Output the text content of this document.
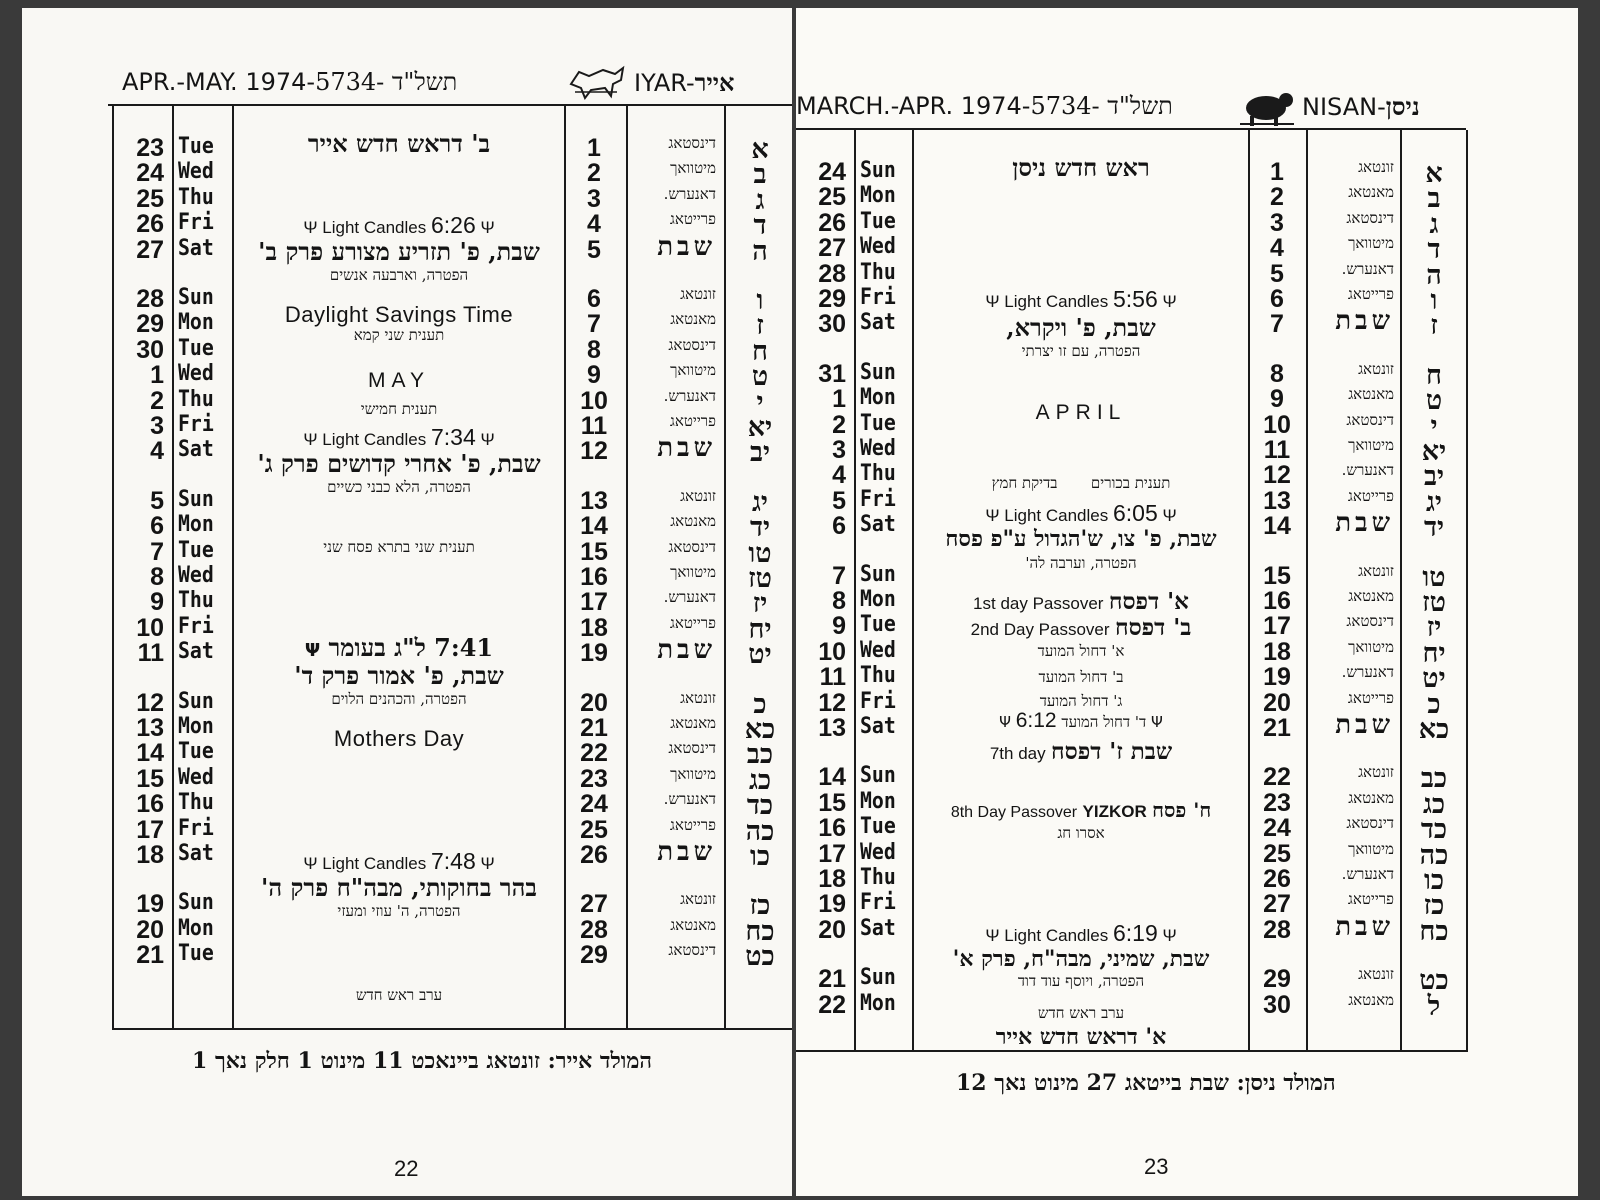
APR.-MAY. 1974-תשל"ד -5734	IYAR-אייר
23 Tue	1	דינסטאג	א
24 Wed	2	מיטוואך	ב
25 Thu	3	דאנערש.	ג
26 Fri	4	פרייטאג	ד
27 Sat	5	שבת	ה
28 Sun	6	זונטאג	ו
29 Mon	7	מאנטאג	ז
30 Tue	8	דינסטאג	ח
1 Wed	9	מיטוואך	ט
2 Thu	10	דאנערש.	י
3 Fri	11	פרייטאג	יא
4 Sat	12	שבת	יב
5 Sun	13	זונטאג	יג
6 Mon	14	מאנטאג	יד
7 Tue	15	דינסטאג	טו
8 Wed	16	מיטוואך	טז
9 Thu	17	דאנערש.	יז
10 Fri	18	פרייטאג	יח
11 Sat	19	שבת	יט
12 Sun	20	זונטאג	כ
13 Mon	21	מאנטאג	כא
14 Tue	22	דינסטאג	כב
15 Wed	23	מיטוואך	כג
16 Thu	24	דאנערש.	כד
17 Fri	25	פרייטאג	כה
18 Sat	26	שבת	כו
19 Sun	27	זונטאג	כז
20 Mon	28	מאנטאג	כח
21 Tue	29	דינסטאג	כט
ב' דראש חדש אייר
Ψ Light Candles 6:26 Ψ
שבת, פ' תזריע מצורע פרק ב'
הפטרה, וארבעה אנשים
Daylight Savings Time
תענית שני קמא
MAY
תענית חמישי
Ψ Light Candles 7:34 Ψ
שבת, פ' אחרי קדושים פרק ג'
הפטרה, הלא כבני כשיים
תענית שני בתרא פסח שני
7:41 ל"ג בעומר Ψ
שבת, פ' אמור פרק ד'
הפטרה, והכהנים הלוים
Mothers Day
Ψ Light Candles 7:48 Ψ
בהר בחוקותי, מבה"ח פרק ה'
הפטרה, ה' עוזי ומעזי
ערב ראש חדש
המולד אייר: זונטאג ביינאכט 11 מינוט 1 חלק נאך 1
22
MARCH.-APR. 1974-תשל"ד -5734	NISAN-ניסן
24 Sun	1	זונטאג	א
25 Mon	2	מאנטאג	ב
26 Tue	3	דינסטאג	ג
27 Wed	4	מיטוואך	ד
28 Thu	5	דאנערש.	ה
29 Fri	6	פרייטאג	ו
30 Sat	7	שבת	ז
31 Sun	8	זונטאג	ח
1 Mon	9	מאנטאג	ט
2 Tue	10	דינסטאג	י
3 Wed	11	מיטוואך	יא
4 Thu	12	דאנערש.	יב
5 Fri	13	פרייטאג	יג
6 Sat	14	שבת	יד
7 Sun	15	זונטאג	טו
8 Mon	16	מאנטאג	טז
9 Tue	17	דינסטאג	יז
10 Wed	18	מיטוואך	יח
11 Thu	19	דאנערש.	יט
12 Fri	20	פרייטאג	כ
13 Sat	21	שבת כא
14 Sun	22	זונטאג כב
15 Mon	23	מאנטאג	כג
16 Tue	24	דינסטאג כד
17 Wed	25	מיטוואך כה
18 Thu	26	דאנערש.	כו
19 Fri	27	פרייטאג	כז
20 Sat	28	שבת כח
21 Sun	29	זונטאג כט
22 Mon	30	מאנטאג	ל
ראש חדש ניסן
Ψ Light Candles 5:56 Ψ
שבת, פ' ויקרא,
הפטרה, עם זו יצרתי
APRIL
תענית בכורים       בדיקת חמץ
Ψ Light Candles 6:05 Ψ
שבת, פ' צו, ש'הגדול ע"פ פסח
הפטרה, וערבה לה'
1st day Passover א' דפסח
2nd Day Passover ב' דפסח
א' דחול המועד
ב' דחול המועד
ג' דחול המועד
Ψ ד' דחול המועד 6:12 Ψ
7th day שבת ז' דפסח
8th Day Passover YIZKOR ח' פסח
אסרו חג
Ψ Light Candles 6:19 Ψ
שבת, שמיני, מבה"ח, פרק א'
הפטרה, ויוסף עוד דוד
ערב ראש חדש
א' דראש חדש אייר
המולד ניסן: שבת בייטאג 27 מינוט נאך 12
23
